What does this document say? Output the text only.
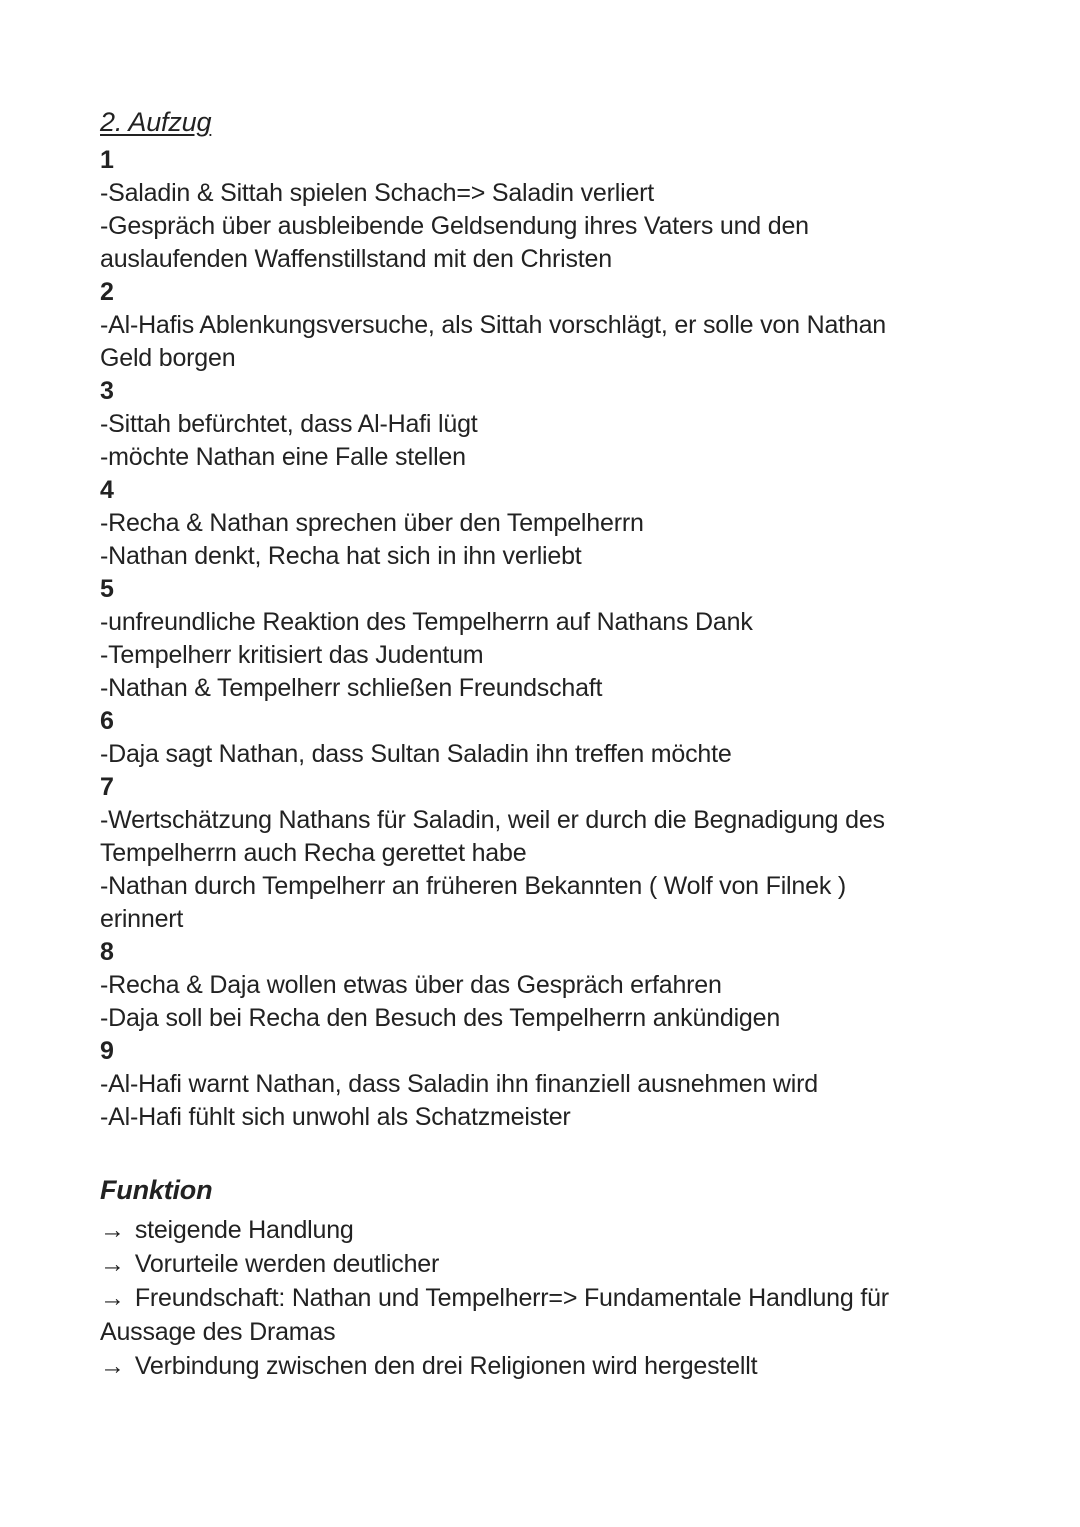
2. Aufzug
1
-Saladin & Sittah spielen Schach=> Saladin verliert
-Gespräch über ausbleibende Geldsendung ihres Vaters und den
auslaufenden Waffenstillstand mit den Christen
2
-Al-Hafis Ablenkungsversuche, als Sittah vorschlägt, er solle von Nathan
Geld borgen
3
-Sittah befürchtet, dass Al-Hafi lügt
-möchte Nathan eine Falle stellen
4
-Recha & Nathan sprechen über den Tempelherrn
-Nathan denkt, Recha hat sich in ihn verliebt
5
-unfreundliche Reaktion des Tempelherrn auf Nathans Dank
-Tempelherr kritisiert das Judentum
-Nathan & Tempelherr schließen Freundschaft
6
-Daja sagt Nathan, dass Sultan Saladin ihn treffen möchte
7
-Wertschätzung Nathans für Saladin, weil er durch die Begnadigung des
Tempelherrn auch Recha gerettet habe
-Nathan durch Tempelherr an früheren Bekannten ( Wolf von Filnek )
erinnert
8
-Recha & Daja wollen etwas über das Gespräch erfahren
-Daja soll bei Recha den Besuch des Tempelherrn ankündigen
9
-Al-Hafi warnt Nathan, dass Saladin ihn finanziell ausnehmen wird
-Al-Hafi fühlt sich unwohl als Schatzmeister
Funktion
→ steigende Handlung
→ Vorurteile werden deutlicher
→ Freundschaft: Nathan und Tempelherr=> Fundamentale Handlung für
Aussage des Dramas
→ Verbindung zwischen den drei Religionen wird hergestellt
